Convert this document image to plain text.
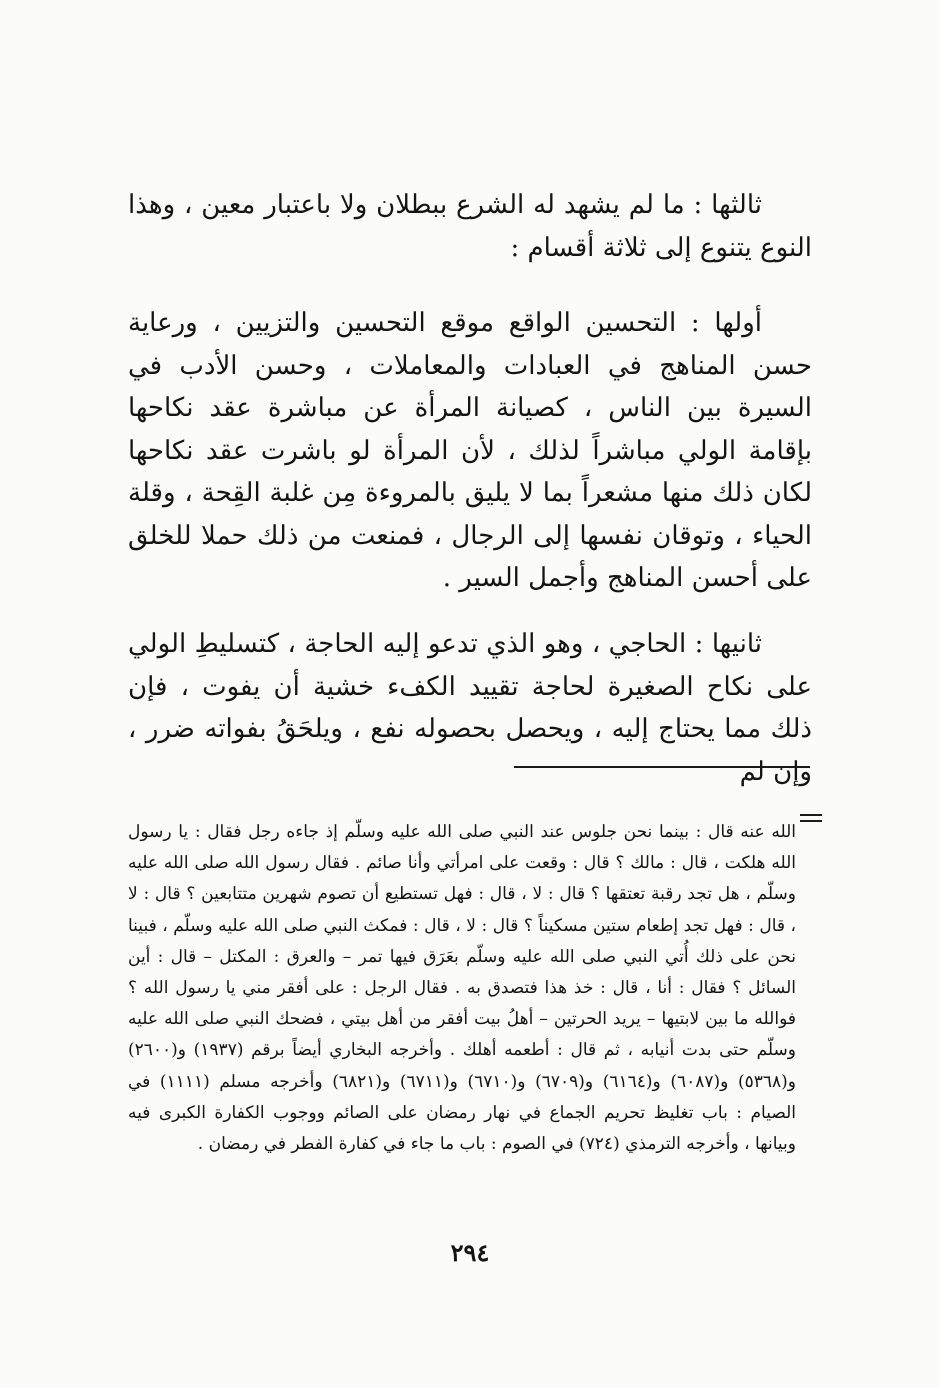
ثالثها : ما لم يشهد له الشرع ببطلان ولا باعتبار معين ، وهذا النوع يتنوع إلى ثلاثة أقسام :

أولها : التحسين الواقع موقع التحسين والتزيين ، ورعاية حسن المناهج في العبادات والمعاملات ، وحسن الأدب في السيرة بين الناس ، كصيانة المرأة عن مباشرة عقد نكاحها بإقامة الولي مباشراً لذلك ، لأن المرأة لو باشرت عقد نكاحها لكان ذلك منها مشعراً بما لا يليق بالمروءة مِن غلبة القِحة ، وقلة الحياء ، وتوقان نفسها إلى الرجال ، فمنعت من ذلك حملا للخلق على أحسن المناهج وأجمل السير .

ثانيها : الحاجي ، وهو الذي تدعو إليه الحاجة ، كتسليطِ الولي على نكاح الصغيرة لحاجة تقييد الكفء خشية أن يفوت ، فإن ذلك مما يحتاج إليه ، ويحصل بحصوله نفع ، ويلحَقُ بفواته ضرر ، وإن لم

الله عنه قال : بينما نحن جلوس عند النبي صلى الله عليه وسلّم إذ جاءه رجل فقال : يا رسول الله هلكت ، قال : مالك ؟ قال : وقعت على امرأتي وأنا صائم . فقال رسول الله صلى الله عليه وسلّم ، هل تجد رقبة تعتقها ؟ قال : لا ، قال : فهل تستطيع أن تصوم شهرين متتابعين ؟ قال : لا ، قال : فهل تجد إطعام ستين مسكيناً ؟ قال : لا ، قال : فمكث النبي صلى الله عليه وسلّم ، فبينا نحن على ذلك أُتي النبي صلى الله عليه وسلّم بعَرَق فيها تمر – والعرق : المكتل – قال : أين السائل ؟ فقال : أنا ، قال : خذ هذا فتصدق به . فقال الرجل : على أفقر مني يا رسول الله ؟ فوالله ما بين لابتيها – يريد الحرتين – أهلُ بيت أفقر من أهل بيتي ، فضحك النبي صلى الله عليه وسلّم حتى بدت أنيابه ، ثم قال : أطعمه أهلك . وأخرجه البخاري أيضاً برقم (١٩٣٧) و(٢٦٠٠) و(٥٣٦٨) و(٦٠٨٧) و(٦١٦٤) و(٦٧٠٩) و(٦٧١٠) و(٦٧١١) و(٦٨٢١) وأخرجه مسلم (١١١١) في الصيام : باب تغليظ تحريم الجماع في نهار رمضان على الصائم ووجوب الكفارة الكبرى فيه وبيانها ، وأخرجه الترمذي (٧٢٤) في الصوم : باب ما جاء في كفارة الفطر في رمضان .

٢٩٤
